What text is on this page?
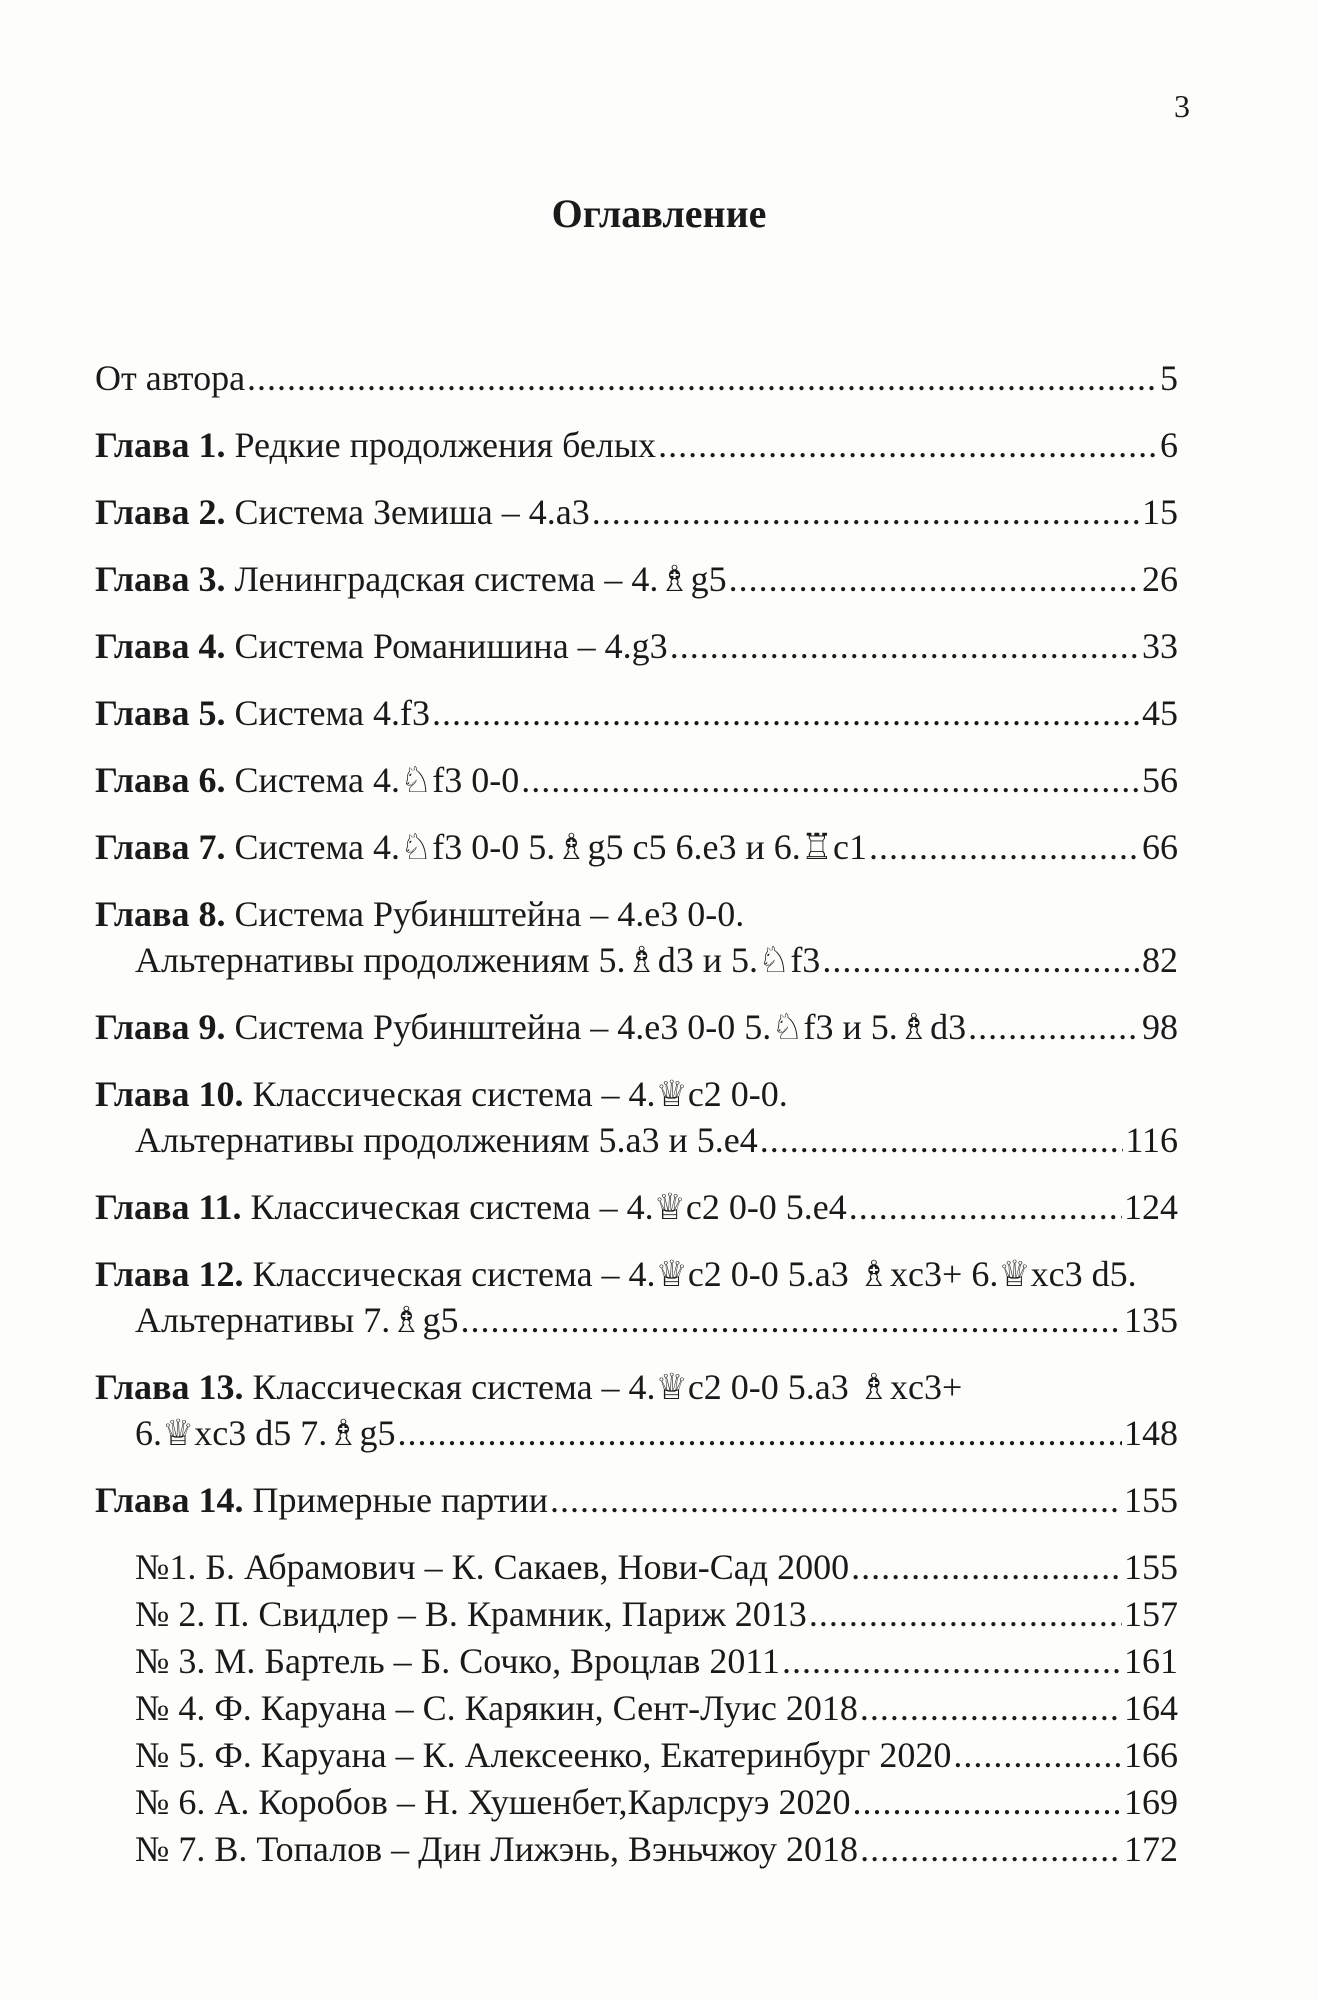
3
Оглавление
От автора .....	5
Глава 1. Редкие продолжения белых .....	6
Глава 2. Система Земиша – 4.a3 .....	15
Глава 3. Ленинградская система – 4.♗g5 .....	26
Глава 4. Система Романишина – 4.g3 .....	33
Глава 5. Система 4.f3 .....	45
Глава 6. Система 4.♘f3 0-0 .....	56
Глава 7. Система 4.♘f3 0-0 5.♗g5 c5 6.e3 и 6.♖c1 .....	66
Глава 8. Система Рубинштейна – 4.e3 0-0.
Альтернативы продолжениям 5.♗d3 и 5.♘f3 .....	82
Глава 9. Система Рубинштейна – 4.e3 0-0 5.♘f3 и 5.♗d3 .....	98
Глава 10. Классическая система – 4.♕c2 0-0.
Альтернативы продолжениям 5.a3 и 5.e4 .....	116
Глава 11. Классическая система – 4.♕c2 0-0 5.e4 .....	124
Глава 12. Классическая система – 4.♕c2 0-0 5.a3 ♗xc3+ 6.♕xc3 d5.
Альтернативы 7.♗g5 .....	135
Глава 13. Классическая система – 4.♕c2 0-0 5.a3 ♗xc3+
6.♕xc3 d5 7.♗g5 .....	148
Глава 14. Примерные партии .....	155
№1. Б. Абрамович – К. Сакаев, Нови-Сад 2000 .....	155
№ 2. П. Свидлер – В. Крамник, Париж 2013 .....	157
№ 3. М. Бартель – Б. Сочко, Вроцлав 2011 .....	161
№ 4. Ф. Каруана – С. Карякин, Сент-Луис 2018 .....	164
№ 5. Ф. Каруана – К. Алексеенко, Екатеринбург 2020 .....	166
№ 6. А. Коробов – Н. Хушенбет,Карлсруэ 2020 .....	169
№ 7. В. Топалов – Дин Лижэнь, Вэньчжоу 2018 .....	172
